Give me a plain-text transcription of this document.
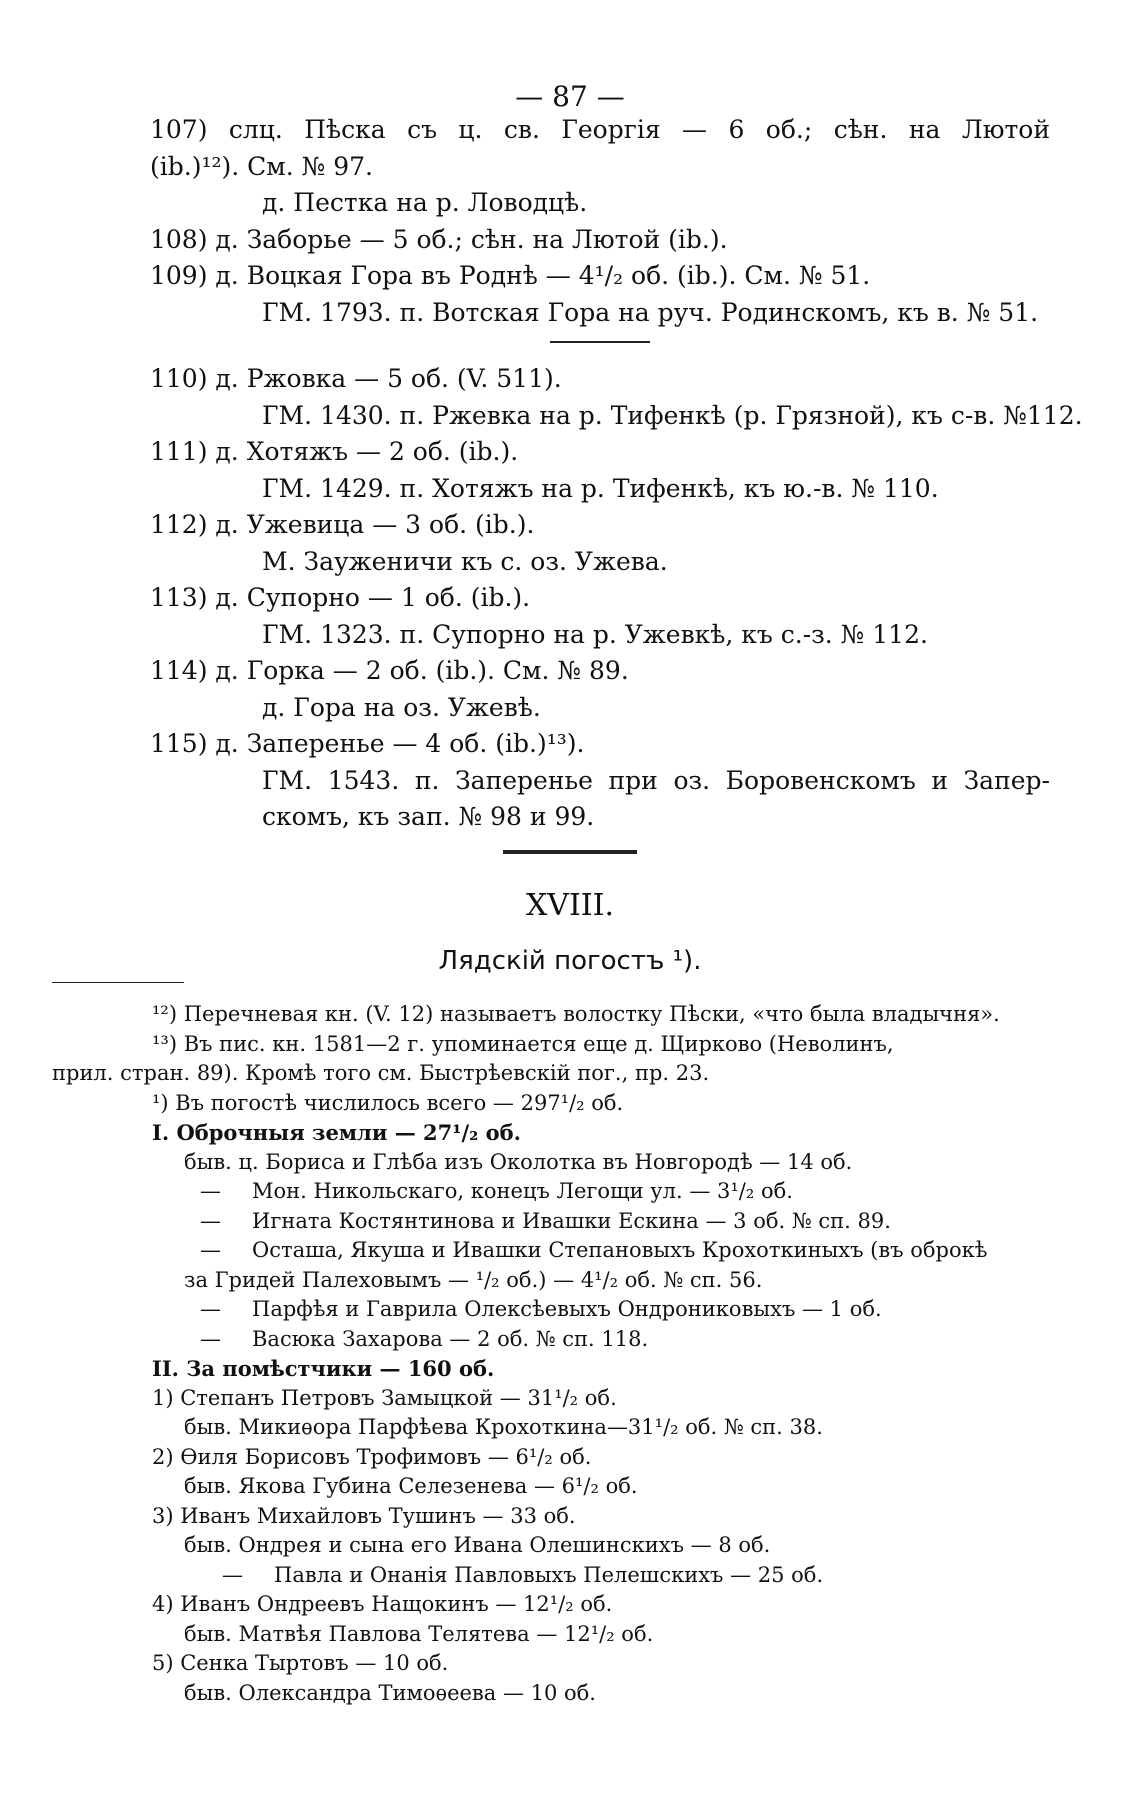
— 87 —
107) слц. Пѣска съ ц. св. Георгія — 6 об.; сѣн. на Лютой
(ib.)¹²). См. № 97.
д. Пестка на р. Ловодцѣ.
108) д. Заборье — 5 об.; сѣн. на Лютой (ib.).
109) д. Воцкая Гора въ Роднѣ — 4¹/₂ об. (ib.). См. № 51.
ГМ. 1793. п. Вотская Гора на руч. Родинскомъ, къ в. № 51.
110) д. Ржовка — 5 об. (V. 511).
ГМ. 1430. п. Ржевка на р. Тифенкѣ (р. Грязной), къ с-в. №112.
111) д. Хотяжъ — 2 об. (ib.).
ГМ. 1429. п. Хотяжъ на р. Тифенкѣ, къ ю.-в. № 110.
112) д. Ужевица — 3 об. (ib.).
М. Зауженичи къ с. оз. Ужева.
113) д. Супорно — 1 об. (ib.).
ГМ. 1323. п. Супорно на р. Ужевкѣ, къ с.-з. № 112.
114) д. Горка — 2 об. (ib.). См. № 89.
д. Гора на оз. Ужевѣ.
115) д. Заперенье — 4 об. (ib.)¹³).
ГМ. 1543. п. Заперенье при оз. Боровенскомъ и Запер-
скомъ, къ зап. № 98 и 99.
XVIII.
Лядскій погостъ ¹).
¹²) Перечневая кн. (V. 12) называетъ волостку Пѣски, «что была владычня».
¹³) Въ пис. кн. 1581—2 г. упоминается еще д. Щирково (Неволинъ,
прил. стран. 89). Кромѣ того см. Быстрѣевскій пог., пр. 23.
¹) Въ погостѣ числилось всего — 297¹/₂ об.
I. Оброчныя земли — 27¹/₂ об.
быв. ц. Бориса и Глѣба изъ Околотка въ Новгородѣ — 14 об.
— Мон. Никольскаго, конецъ Легощи ул. — 3¹/₂ об.
— Игната Костянтинова и Ивашки Ескина — 3 об. № сп. 89.
— Осташа, Якуша и Ивашки Степановыхъ Крохоткиныхъ (въ оброкѣ
за Гридей Палеховымъ — ¹/₂ об.) — 4¹/₂ об. № сп. 56.
— Парфѣя и Гаврила Олексѣевыхъ Ондрониковыхъ — 1 об.
— Васюка Захарова — 2 об. № сп. 118.
II. За помѣстчики — 160 об.
1) Степанъ Петровъ Замыцкой — 31¹/₂ об.
быв. Микиѳора Парфѣева Крохоткина—31¹/₂ об. № сп. 38.
2) Ѳиля Борисовъ Трофимовъ — 6¹/₂ об.
быв. Якова Губина Селезенева — 6¹/₂ об.
3) Иванъ Михайловъ Тушинъ — 33 об.
быв. Ондрея и сына его Ивана Олешинскихъ — 8 об.
— Павла и Онанія Павловыхъ Пелешскихъ — 25 об.
4) Иванъ Ондреевъ Нащокинъ — 12¹/₂ об.
быв. Матвѣя Павлова Телятева — 12¹/₂ об.
5) Сенка Тыртовъ — 10 об.
быв. Олександра Тимоѳеева — 10 об.
